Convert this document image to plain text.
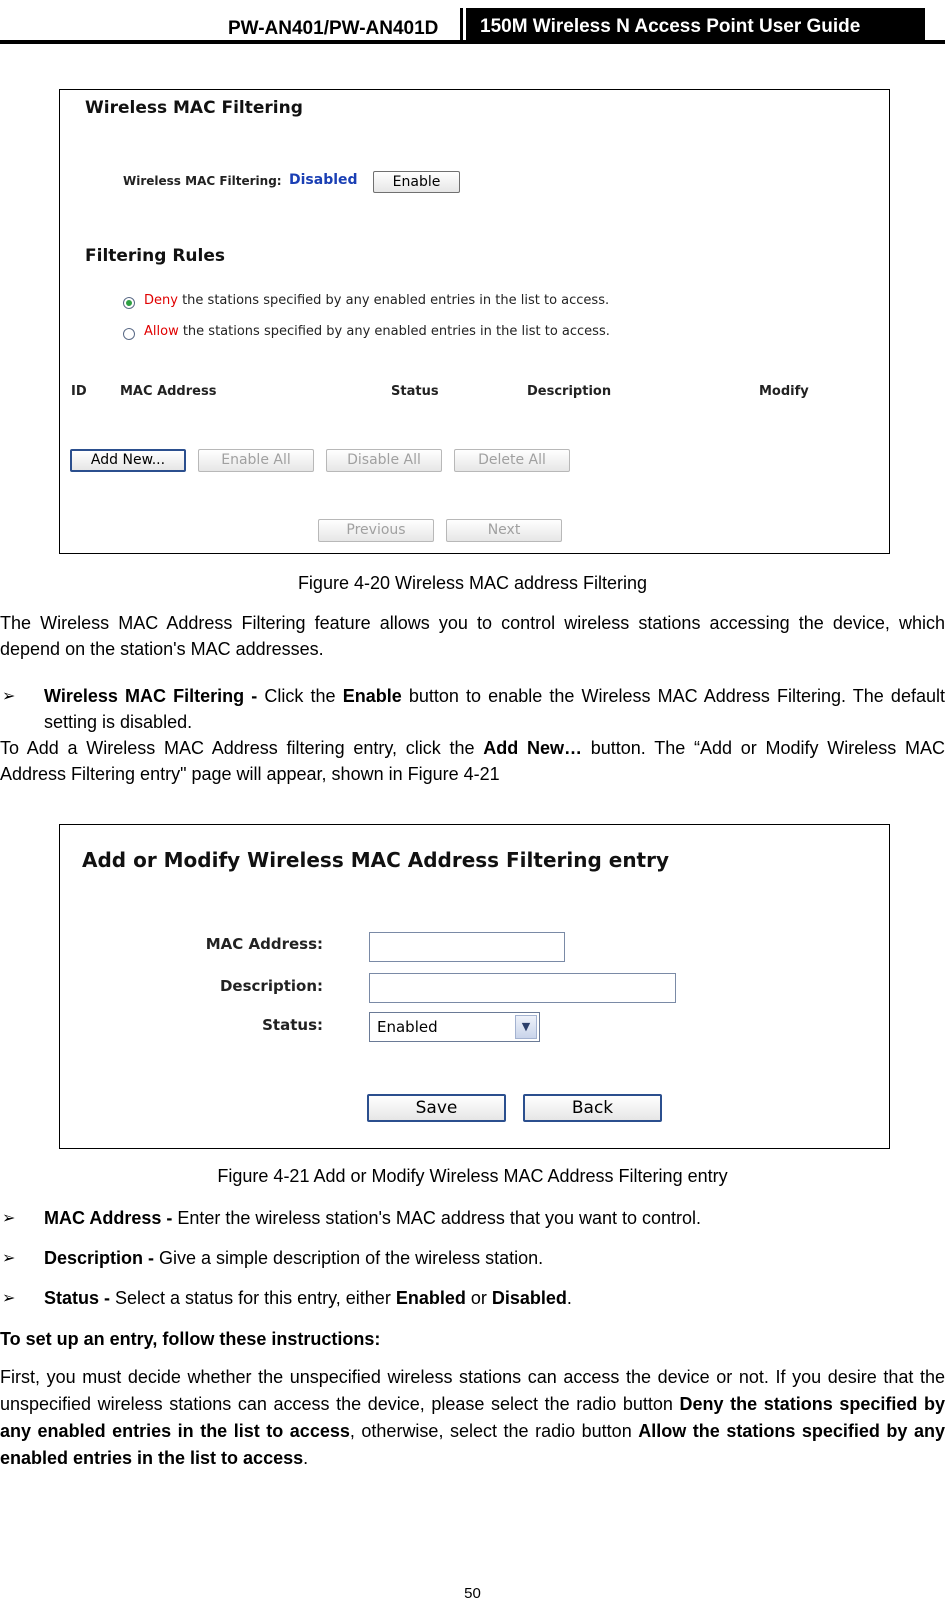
PW-AN401/PW-AN401D	150M Wireless N Access Point User Guide
Wireless MAC Filtering
Wireless MAC Filtering: Disabled	Enable
Filtering Rules
Deny the stations specified by any enabled entries in the list to access.
Allow the stations specified by any enabled entries in the list to access.
ID	MAC Address	Status	Description	Modify
Add New...	Enable All	Disable All	Delete All
Previous	Next
Figure 4-20 Wireless MAC address Filtering
The Wireless MAC Address Filtering feature allows you to control wireless stations accessing the device, which depend on the station's MAC addresses.
➢ Wireless MAC Filtering - Click the Enable button to enable the Wireless MAC Address Filtering. The default setting is disabled.
To Add a Wireless MAC Address filtering entry, click the Add New… button. The “Add or Modify Wireless MAC Address Filtering entry" page will appear, shown in Figure 4-21
Add or Modify Wireless MAC Address Filtering entry
MAC Address:
Description:
Status:	Enabled	▼
Save	Back
Figure 4-21 Add or Modify Wireless MAC Address Filtering entry
➢ MAC Address - Enter the wireless station's MAC address that you want to control.
➢ Description - Give a simple description of the wireless station.
➢ Status - Select a status for this entry, either Enabled or Disabled.
To set up an entry, follow these instructions:
First, you must decide whether the unspecified wireless stations can access the device or not. If you desire that the unspecified wireless stations can access the device, please select the radio button Deny the stations specified by any enabled entries in the list to access, otherwise, select the radio button Allow the stations specified by any enabled entries in the list to access.
50
